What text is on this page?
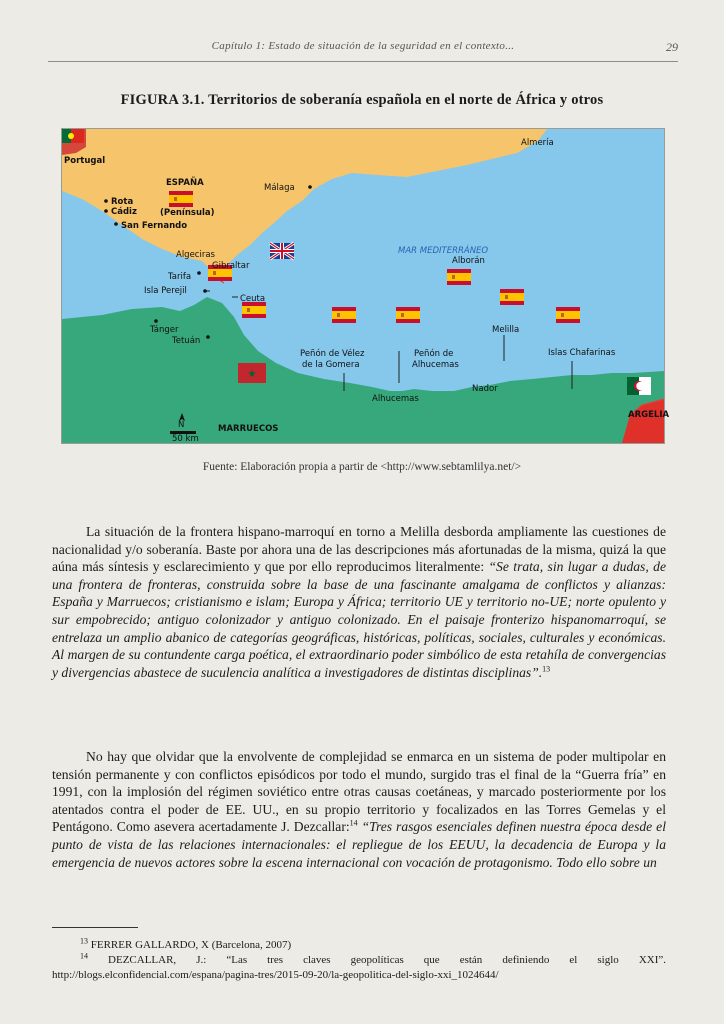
Capítulo 1: Estado de situación de la seguridad en el contexto...	29
FIGURA 3.1. Territorios de soberanía española en el norte de África y otros
★
Portugal
ESPAÑA
(Península)
Rota
Cádiz
San Fernando
Málaga
Almería
Algeciras
Gibraltar
Tarifa
Isla Perejil
Ceuta
Tánger
Tetuán
MAR MEDITERRÁNEO
Alborán
Melilla
Peñón de Vélez
de la Gomera
Peñón de
Alhucemas
Islas Chafarinas
Alhucemas
Nador
MARRUECOS
ARGELIA
N
50 km
Fuente: Elaboración propia a partir de <http://www.sebtamlilya.net/>
La situación de la frontera hispano-marroquí en torno a Melilla desborda ampliamente las cuestiones de nacionalidad y/o soberanía. Baste por ahora una de las descripciones más afortunadas de la misma, quizá la que aúna más síntesis y esclarecimiento y que por ello reproducimos literalmente: “Se trata, sin lugar a dudas, de una frontera de fronteras, construida sobre la base de una fascinante amalgama de conflictos y alianzas: España y Marruecos; cristianismo e islam; Europa y África; territorio UE y territorio no-UE; norte opulento y sur empobrecido; antiguo colonizador y antiguo colonizado. En el paisaje fronterizo hispanomarroquí, se entrelaza un amplio abanico de categorías geográficas, históricas, políticas, sociales, culturales y económicas. Al margen de su contundente carga poética, el extraordinario poder simbólico de esta retahíla de convergencias y divergencias abastece de suculencia analítica a investigadores de distintas disciplinas”.$^{13}$
No hay que olvidar que la envolvente de complejidad se enmarca en un sistema de poder multipolar en tensión permanente y con conflictos episódicos por todo el mundo, surgido tras el final de la “Guerra fría” en 1991, con la implosión del régimen soviético entre otras causas coetáneas, y marcado posteriormente por los atentados contra el poder de EE. UU., en su propio territorio y focalizados en las Torres Gemelas y el Pentágono. Como asevera acertadamente J. Dezcallar:$^{14}$ “Tres rasgos esenciales definen nuestra época desde el punto de vista de las relaciones internacionales: el repliegue de los EEUU, la decadencia de Europa y la emergencia de nuevos actores sobre la escena internacional con vocación de protagonismo. Todo ello sobre un
$^{13}$ FERRER GALLARDO, X (Barcelona, 2007)
$^{14}$ DEZCALLAR, J.: “Las tres claves geopolíticas que están definiendo el siglo XXI”. http://blogs.elconfidencial.com/espana/pagina-tres/2015-09-20/la-geopolitica-del-siglo-xxi_1024644/
